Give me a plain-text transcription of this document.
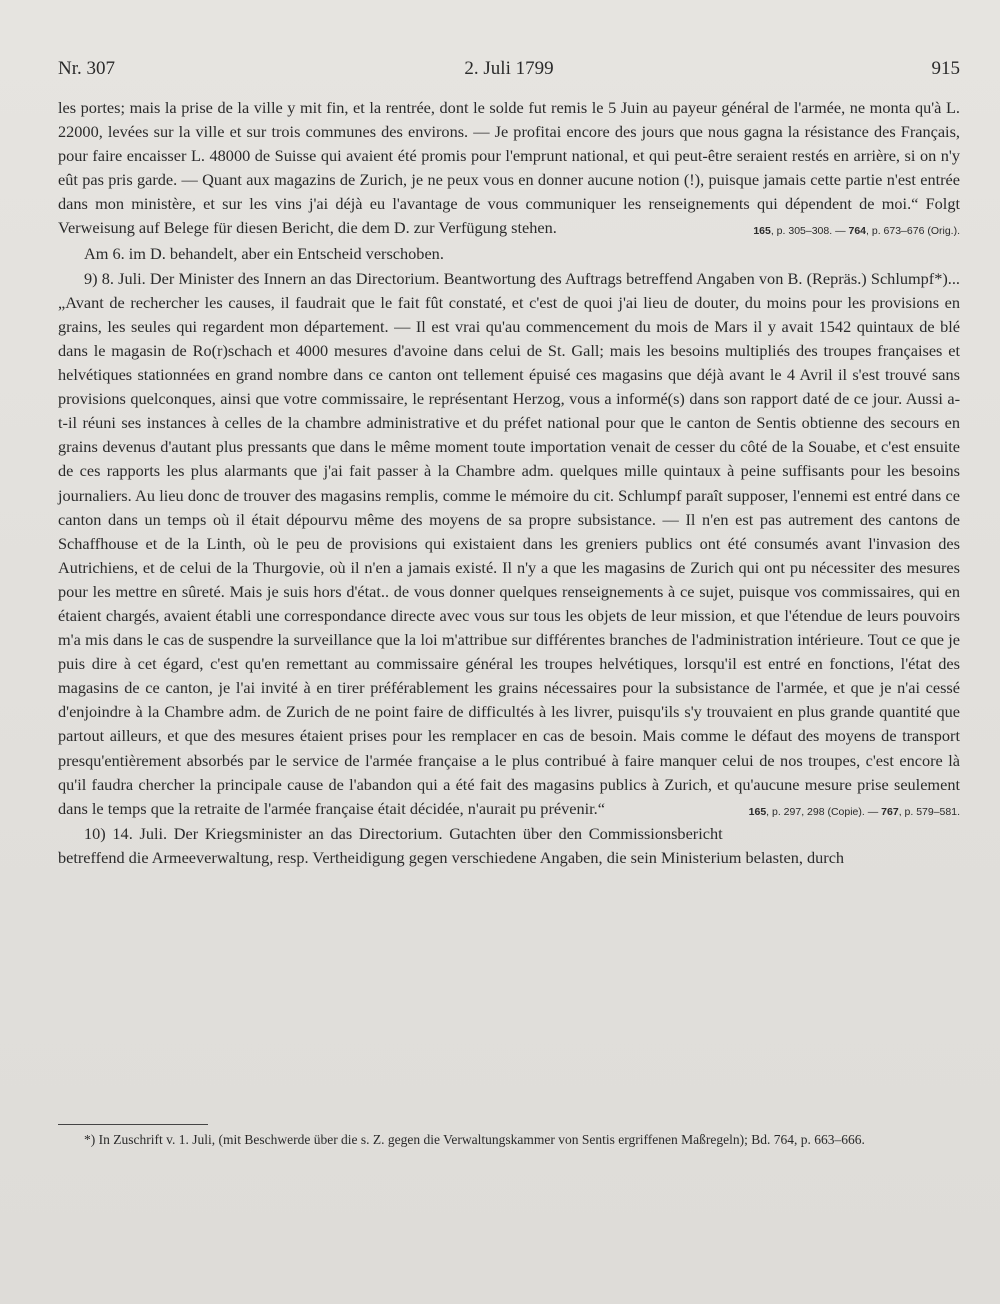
Nr. 307	2. Juli 1799	915

les portes; mais la prise de la ville y mit fin, et la rentrée, dont le solde fut remis le 5 Juin au payeur général de l'armée, ne monta qu'à L. 22000, levées sur la ville et sur trois communes des environs. — Je profitai encore des jours que nous gagna la résistance des Français, pour faire encaisser L. 48000 de Suisse qui avaient été promis pour l'emprunt national, et qui peut-être seraient restés en arrière, si on n'y eût pas pris garde. — Quant aux magazins de Zurich, je ne peux vous en donner aucune notion (!), puisque jamais cette partie n'est entrée dans mon ministère, et sur les vins j'ai déjà eu l'avantage de vous communiquer les renseignements qui dépendent de moi.“ Folgt Verweisung auf Belege für diesen Bericht, die dem D. zur Verfügung stehen.	165, p. 305–308. — 764, p. 673–676 (Orig.).

Am 6. im D. behandelt, aber ein Entscheid verschoben.

9) 8. Juli. Der Minister des Innern an das Directorium. Beantwortung des Auftrags betreffend Angaben von B. (Repräs.) Schlumpf*)... „Avant de rechercher les causes, il faudrait que le fait fût constaté, et c'est de quoi j'ai lieu de douter, du moins pour les provisions en grains, les seules qui regardent mon département. — Il est vrai qu'au commencement du mois de Mars il y avait 1542 quintaux de blé dans le magasin de Ro(r)schach et 4000 mesures d'avoine dans celui de St. Gall; mais les besoins multipliés des troupes françaises et helvétiques stationnées en grand nombre dans ce canton ont tellement épuisé ces magasins que déjà avant le 4 Avril il s'est trouvé sans provisions quelconques, ainsi que votre commissaire, le représentant Herzog, vous a informé(s) dans son rapport daté de ce jour. Aussi a-t-il réuni ses instances à celles de la chambre administrative et du préfet national pour que le canton de Sentis obtienne des secours en grains devenus d'autant plus pressants que dans le même moment toute importation venait de cesser du côté de la Souabe, et c'est ensuite de ces rapports les plus alarmants que j'ai fait passer à la Chambre adm. quelques mille quintaux à peine suffisants pour les besoins journaliers. Au lieu donc de trouver des magasins remplis, comme le mémoire du cit. Schlumpf paraît supposer, l'ennemi est entré dans ce canton dans un temps où il était dépourvu même des moyens de sa propre subsistance. — Il n'en est pas autrement des cantons de Schaffhouse et de la Linth, où le peu de provisions qui existaient dans les greniers publics ont été consumés avant l'invasion des Autrichiens, et de celui de la Thurgovie, où il n'en a jamais existé. Il n'y a que les magasins de Zurich qui ont pu nécessiter des mesures pour les mettre en sûreté. Mais je suis hors d'état.. de vous donner quelques renseignements à ce sujet, puisque vos commissaires, qui en étaient chargés, avaient établi une correspondance directe avec vous sur tous les objets de leur mission, et que l'étendue de leurs pouvoirs m'a mis dans le cas de suspendre la surveillance que la loi m'attribue sur différentes branches de l'administration intérieure. Tout ce que je puis dire à cet égard, c'est qu'en remettant au commissaire général les troupes helvétiques, lorsqu'il est entré en fonctions, l'état des magasins de ce canton, je l'ai invité à en tirer préférablement les grains nécessaires pour la subsistance de l'armée, et que je n'ai cessé d'enjoindre à la Chambre adm. de Zurich de ne point faire de difficultés à les livrer, puisqu'ils s'y trouvaient en plus grande quantité que partout ailleurs, et que des mesures étaient prises pour les remplacer en cas de besoin. Mais comme le défaut des moyens de transport presqu'entièrement absorbés par le service de l'armée française a le plus contribué à faire manquer celui de nos troupes, c'est encore là qu'il faudra chercher la principale cause de l'abandon qui a été fait des magasins publics à Zurich, et qu'aucune mesure prise seulement dans le temps que la retraite de l'armée française était décidée, n'aurait pu prévenir.“	165, p. 297, 298 (Copie). — 767, p. 579–581.

10) 14. Juli. Der Kriegsminister an das Directorium. Gutachten über den Commissionsbericht betreffend die Armeeverwaltung, resp. Vertheidigung gegen verschiedene Angaben, die sein Ministerium belasten, durch

*) In Zuschrift v. 1. Juli, (mit Beschwerde über die s. Z. gegen die Verwaltungskammer von Sentis ergriffenen Maßregeln); Bd. 764, p. 663–666.
